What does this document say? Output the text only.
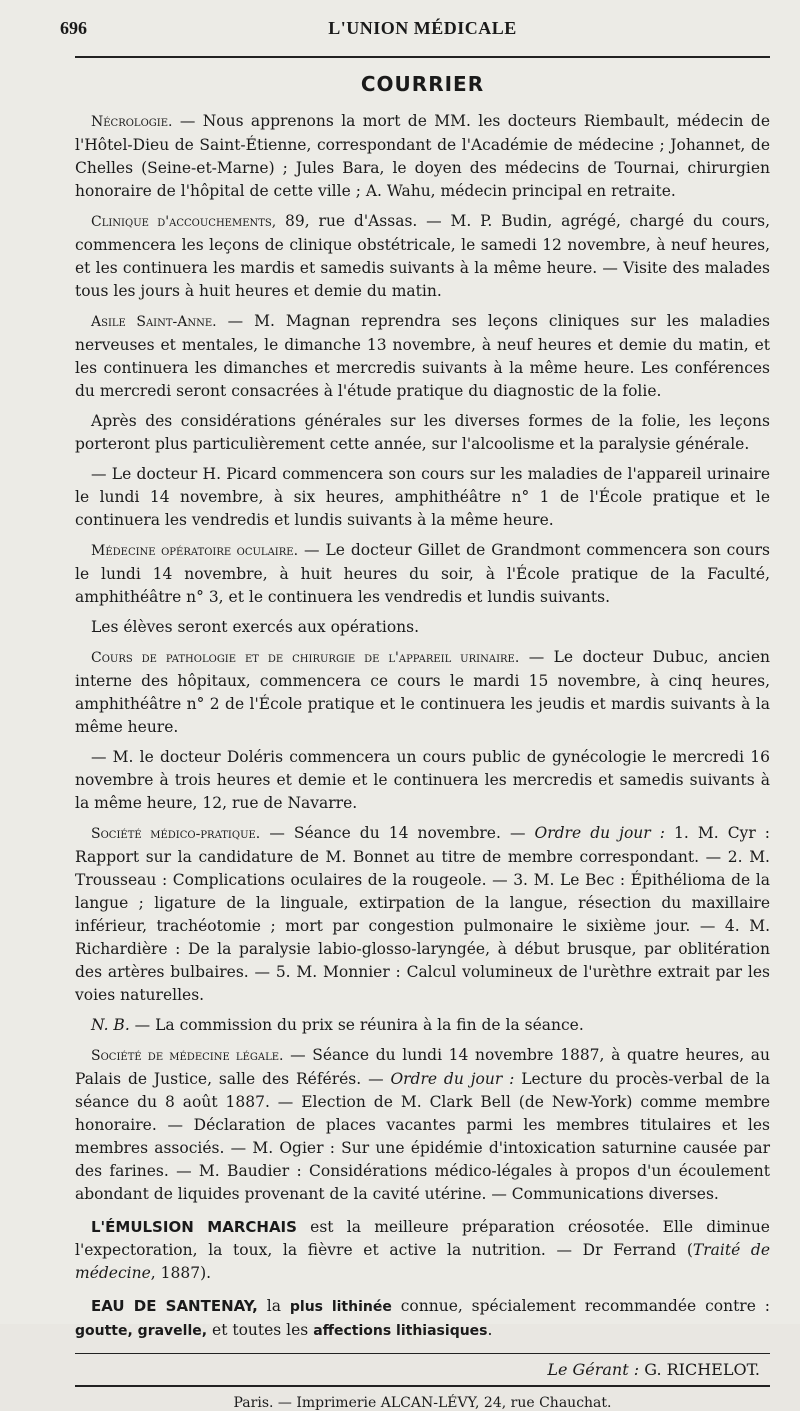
696	L'UNION MÉDICALE
COURRIER

Nécrologie. — Nous apprenons la mort de MM. les docteurs Riembault, médecin de l'Hôtel-Dieu de Saint-Étienne, correspondant de l'Académie de médecine ; Johannet, de Chelles (Seine-et-Marne) ; Jules Bara, le doyen des médecins de Tournai, chirurgien honoraire de l'hôpital de cette ville ; A. Wahu, médecin principal en retraite.

Clinique d'accouchements, 89, rue d'Assas. — M. P. Budin, agrégé, chargé du cours, commencera les leçons de clinique obstétricale, le samedi 12 novembre, à neuf heures, et les continuera les mardis et samedis suivants à la même heure. — Visite des malades tous les jours à huit heures et demie du matin.

Asile Saint-Anne. — M. Magnan reprendra ses leçons cliniques sur les maladies nerveuses et mentales, le dimanche 13 novembre, à neuf heures et demie du matin, et les continuera les dimanches et mercredis suivants à la même heure. Les conférences du mercredi seront consacrées à l'étude pratique du diagnostic de la folie.

Après des considérations générales sur les diverses formes de la folie, les leçons porteront plus particulièrement cette année, sur l'alcoolisme et la paralysie générale.

— Le docteur H. Picard commencera son cours sur les maladies de l'appareil urinaire le lundi 14 novembre, à six heures, amphithéâtre n° 1 de l'École pratique et le continuera les vendredis et lundis suivants à la même heure.

Médecine opératoire oculaire. — Le docteur Gillet de Grandmont commencera son cours le lundi 14 novembre, à huit heures du soir, à l'École pratique de la Faculté, amphithéâtre n° 3, et le continuera les vendredis et lundis suivants.

Les élèves seront exercés aux opérations.

Cours de pathologie et de chirurgie de l'appareil urinaire. — Le docteur Dubuc, ancien interne des hôpitaux, commencera ce cours le mardi 15 novembre, à cinq heures, amphithéâtre n° 2 de l'École pratique et le continuera les jeudis et mardis suivants à la même heure.

— M. le docteur Doléris commencera un cours public de gynécologie le mercredi 16 novembre à trois heures et demie et le continuera les mercredis et samedis suivants à la même heure, 12, rue de Navarre.

Société médico-pratique. — Séance du 14 novembre. — Ordre du jour : 1. M. Cyr : Rapport sur la candidature de M. Bonnet au titre de membre correspondant. — 2. M. Trousseau : Complications oculaires de la rougeole. — 3. M. Le Bec : Épithélioma de la langue ; ligature de la linguale, extirpation de la langue, résection du maxillaire inférieur, trachéotomie ; mort par congestion pulmonaire le sixième jour. — 4. M. Richardière : De la paralysie labio-glosso-laryngée, à début brusque, par oblitération des artères bulbaires. — 5. M. Monnier : Calcul volumineux de l'urèthre extrait par les voies naturelles.

N. B. — La commission du prix se réunira à la fin de la séance.

Société de médecine légale. — Séance du lundi 14 novembre 1887, à quatre heures, au Palais de Justice, salle des Référés. — Ordre du jour : Lecture du procès-verbal de la séance du 8 août 1887. — Election de M. Clark Bell (de New-York) comme membre honoraire. — Déclaration de places vacantes parmi les membres titulaires et les membres associés. — M. Ogier : Sur une épidémie d'intoxication saturnine causée par des farines. — M. Baudier : Considérations médico-légales à propos d'un écoulement abondant de liquides provenant de la cavité utérine. — Communications diverses.

L'ÉMULSION MARCHAIS est la meilleure préparation créosotée. Elle diminue l'expectoration, la toux, la fièvre et active la nutrition. — Dr Ferrand (Traité de médecine, 1887).
EAU DE SANTENAY, la plus lithinée connue, spécialement recommandée contre : goutte, gravelle, et toutes les affections lithiasiques.
Le Gérant : G. RICHELOT.
Paris. — Imprimerie ALCAN-LÉVY, 24, rue Chauchat.
